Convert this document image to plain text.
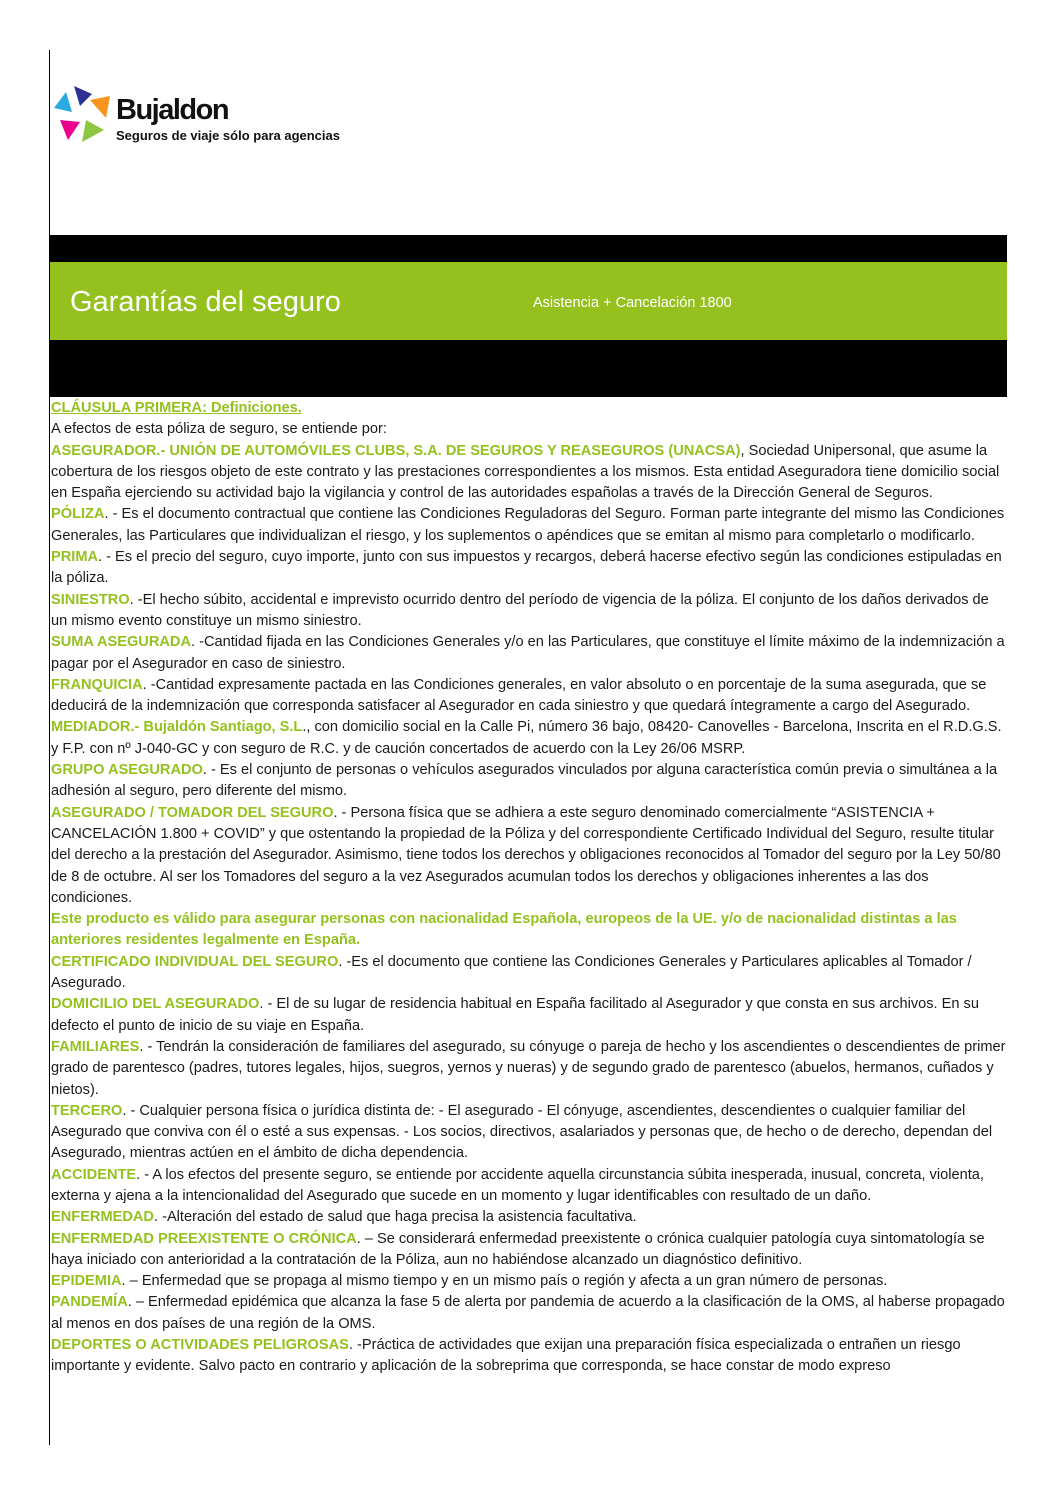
Bujaldon
Seguros de viaje sólo para agencias
Garantías del seguro	Asistencia + Cancelación 1800

CLÁUSULA PRIMERA: Definiciones.

A efectos de esta póliza de seguro, se entiende por:

ASEGURADOR.- UNIÓN DE AUTOMÓVILES CLUBS, S.A. DE SEGUROS Y REASEGUROS (UNACSA), Sociedad Unipersonal, que asume la cobertura de los riesgos objeto de este contrato y las prestaciones correspondientes a los mismos. Esta entidad Aseguradora tiene domicilio social en España ejerciendo su actividad bajo la vigilancia y control de las autoridades españolas a través de la Dirección General de Seguros.

PÓLIZA. - Es el documento contractual que contiene las Condiciones Reguladoras del Seguro. Forman parte integrante del mismo las Condiciones Generales, las Particulares que individualizan el riesgo, y los suplementos o apéndices que se emitan al mismo para completarlo o modificarlo.

PRIMA. - Es el precio del seguro, cuyo importe, junto con sus impuestos y recargos, deberá hacerse efectivo según las condiciones estipuladas en la póliza.

SINIESTRO. -El hecho súbito, accidental e imprevisto ocurrido dentro del período de vigencia de la póliza. El conjunto de los daños derivados de un mismo evento constituye un mismo siniestro.

SUMA ASEGURADA. -Cantidad fijada en las Condiciones Generales y/o en las Particulares, que constituye el límite máximo de la indemnización a pagar por el Asegurador en caso de siniestro.

FRANQUICIA. -Cantidad expresamente pactada en las Condiciones generales, en valor absoluto o en porcentaje de la suma asegurada, que se deducirá de la indemnización que corresponda satisfacer al Asegurador en cada siniestro y que quedará íntegramente a cargo del Asegurado.

MEDIADOR.- Bujaldón Santiago, S.L., con domicilio social en la Calle Pi, número 36 bajo, 08420- Canovelles - Barcelona, Inscrita en el R.D.G.S. y F.P. con nº J-040-GC y con seguro de R.C. y de caución concertados de acuerdo con la Ley 26/06 MSRP.

GRUPO ASEGURADO. - Es el conjunto de personas o vehículos asegurados vinculados por alguna característica común previa o simultánea a la adhesión al seguro, pero diferente del mismo.

ASEGURADO / TOMADOR DEL SEGURO. - Persona física que se adhiera a este seguro denominado comercialmente “ASISTENCIA + CANCELACIÓN 1.800 + COVID” y que ostentando la propiedad de la Póliza y del correspondiente Certificado Individual del Seguro, resulte titular del derecho a la prestación del Asegurador. Asimismo, tiene todos los derechos y obligaciones reconocidos al Tomador del seguro por la Ley 50/80 de 8 de octubre. Al ser los Tomadores del seguro a la vez Asegurados acumulan todos los derechos y obligaciones inherentes a las dos condiciones.

Este producto es válido para asegurar personas con nacionalidad Española, europeos de la UE. y/o de nacionalidad distintas a las anteriores residentes legalmente en España.

CERTIFICADO INDIVIDUAL DEL SEGURO. -Es el documento que contiene las Condiciones Generales y Particulares aplicables al Tomador / Asegurado.

DOMICILIO DEL ASEGURADO. - El de su lugar de residencia habitual en España facilitado al Asegurador y que consta en sus archivos. En su defecto el punto de inicio de su viaje en España.

FAMILIARES. - Tendrán la consideración de familiares del asegurado, su cónyuge o pareja de hecho y los ascendientes o descendientes de primer grado de parentesco (padres, tutores legales, hijos, suegros, yernos y nueras) y de segundo grado de parentesco (abuelos, hermanos, cuñados y nietos).

TERCERO. - Cualquier persona física o jurídica distinta de: - El asegurado - El cónyuge, ascendientes, descendientes o cualquier familiar del Asegurado que conviva con él o esté a sus expensas. - Los socios, directivos, asalariados y personas que, de hecho o de derecho, dependan del Asegurado, mientras actúen en el ámbito de dicha dependencia.

ACCIDENTE. - A los efectos del presente seguro, se entiende por accidente aquella circunstancia súbita inesperada, inusual, concreta, violenta, externa y ajena a la intencionalidad del Asegurado que sucede en un momento y lugar identificables con resultado de un daño.

ENFERMEDAD. -Alteración del estado de salud que haga precisa la asistencia facultativa.

ENFERMEDAD PREEXISTENTE O CRÓNICA. – Se considerará enfermedad preexistente o crónica cualquier patología cuya sintomatología se haya iniciado con anterioridad a la contratación de la Póliza, aun no habiéndose alcanzado un diagnóstico definitivo.

EPIDEMIA. – Enfermedad que se propaga al mismo tiempo y en un mismo país o región y afecta a un gran número de personas.

PANDEMÍA. – Enfermedad epidémica que alcanza la fase 5 de alerta por pandemia de acuerdo a la clasificación de la OMS, al haberse propagado al menos en dos países de una región de la OMS.

DEPORTES O ACTIVIDADES PELIGROSAS. -Práctica de actividades que exijan una preparación física especializada o entrañen un riesgo importante y evidente. Salvo pacto en contrario y aplicación de la sobreprima que corresponda, se hace constar de modo expreso
